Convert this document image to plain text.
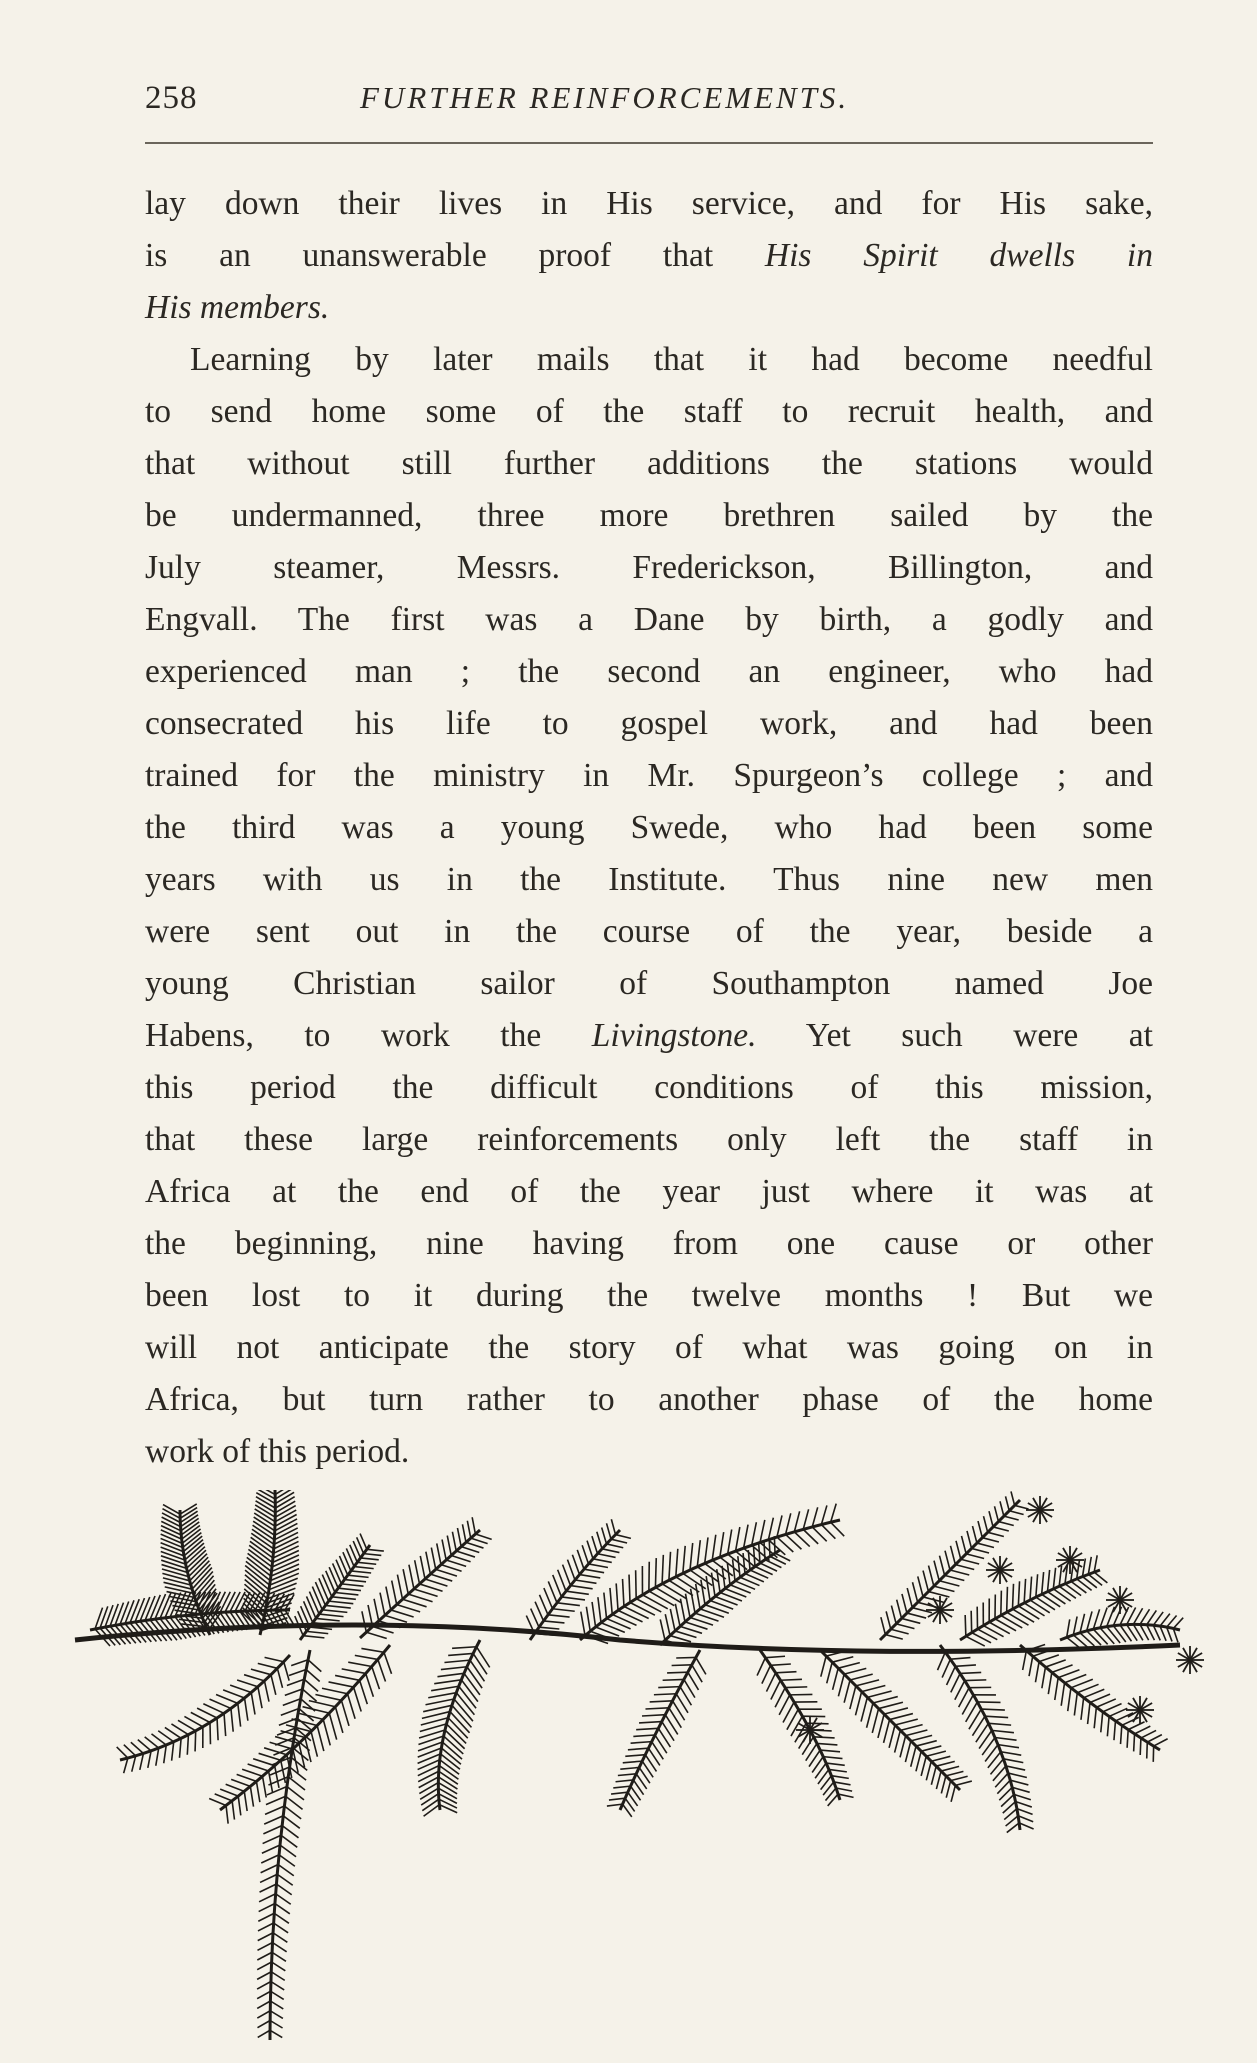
258	FURTHER REINFORCEMENTS.
lay down their lives in His service, and for His sake,
is an unanswerable proof that His Spirit dwells in
His members.
Learning by later mails that it had become needful
to send home some of the staff to recruit health, and
that without still further additions the stations would
be undermanned, three more brethren sailed by the
July steamer, Messrs. Frederickson, Billington, and
Engvall. The first was a Dane by birth, a godly and
experienced man ; the second an engineer, who had
consecrated his life to gospel work, and had been
trained for the ministry in Mr. Spurgeon’s college ; and
the third was a young Swede, who had been some
years with us in the Institute. Thus nine new men
were sent out in the course of the year, beside a
young Christian sailor of Southampton named Joe
Habens, to work the Livingstone. Yet such were at
this period the difficult conditions of this mission,
that these large reinforcements only left the staff in
Africa at the end of the year just where it was at
the beginning, nine having from one cause or other
been lost to it during the twelve months ! But we
will not anticipate the story of what was going on in
Africa, but turn rather to another phase of the home
work of this period.
